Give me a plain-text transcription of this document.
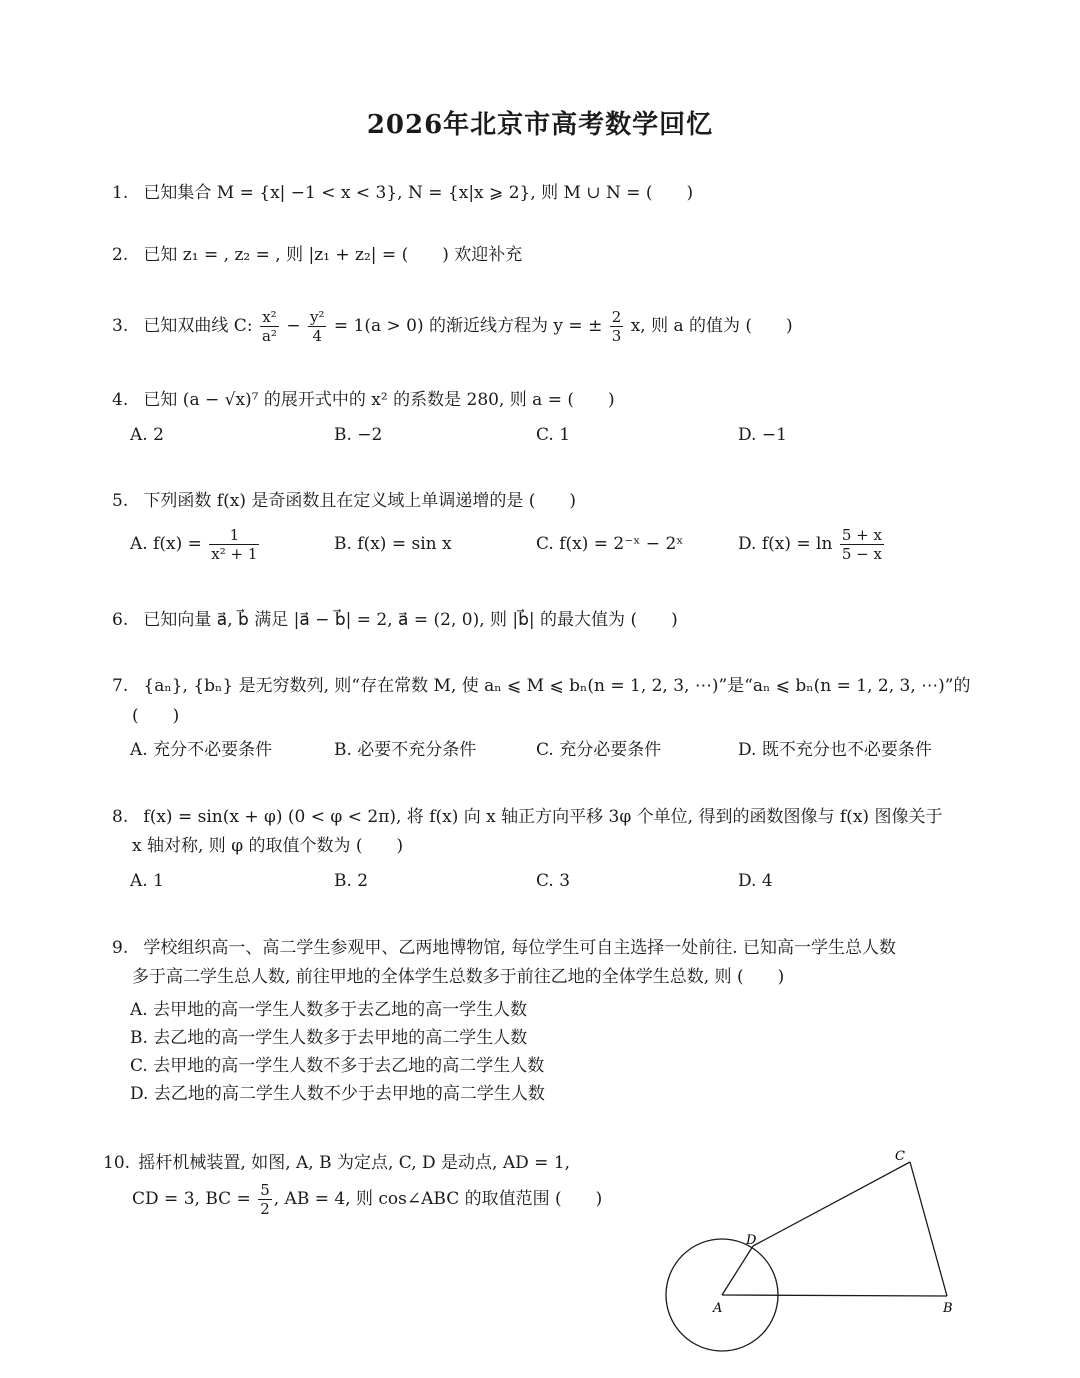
2026年北京市高考数学回忆
1. 已知集合 M = {x| −1 < x < 3}, N = {x|x ⩾ 2}, 则 M ∪ N = (　　)
2. 已知 z₁ = , z₂ = , 则 |z₁ + z₂| = (　　) 欢迎补充
3. 已知双曲线 C: $\frac{\text{x²}}{\text{a²}} - \frac{\text{y²}}{4} = 1(a > 0)$ 的渐近线方程为 y = ± $\frac{2}{3} x$, 则 a 的值为 (　　)
4. 已知 (a − √x)⁷ 的展开式中的 x² 的系数是 280, 则 a = (　　)
A. 2	B. −2	C. 1	D. −1
5. 下列函数 f(x) 是奇函数且在定义域上单调递增的是 (　　)
A. $f(x) = \frac{1}{\text{x² + 1}}$	B. f(x) = sin x	C. f(x) = 2⁻ˣ − 2ˣ	D. $f(x) = \ln \frac{5 + x}{5 - x}$
6. 已知向量 a⃗, b⃗ 满足 |a⃗ − b⃗| = 2, a⃗ = (2, 0), 则 |b⃗| 的最大值为 (　　)
7. {aₙ}, {bₙ} 是无穷数列, 则“存在常数 M, 使 aₙ ⩽ M ⩽ bₙ(n = 1, 2, 3, ⋯)”是“aₙ ⩽ bₙ(n = 1, 2, 3, ⋯)”的
(　　)
A. 充分不必要条件	B. 必要不充分条件	C. 充分必要条件	D. 既不充分也不必要条件
8. f(x) = sin(x + φ) (0 < φ < 2π), 将 f(x) 向 x 轴正方向平移 3φ 个单位, 得到的函数图像与 f(x) 图像关于
x 轴对称, 则 φ 的取值个数为 (　　)
A. 1	B. 2	C. 3	D. 4
9. 学校组织高一、高二学生参观甲、乙两地博物馆, 每位学生可自主选择一处前往. 已知高一学生总人数
多于高二学生总人数, 前往甲地的全体学生总数多于前往乙地的全体学生总数, 则 (　　)
A. 去甲地的高一学生人数多于去乙地的高一学生人数
B. 去乙地的高一学生人数多于去甲地的高二学生人数
C. 去甲地的高一学生人数不多于去乙地的高二学生人数
D. 去乙地的高二学生人数不少于去甲地的高二学生人数
10. 摇杆机械装置, 如图, A, B 为定点, C, D 是动点, AD = 1,
CD = 3, BC = $\frac{5}{2}$ , AB = 4, 则 cos∠ABC 的取值范围 (　　)
A	B
C
D
